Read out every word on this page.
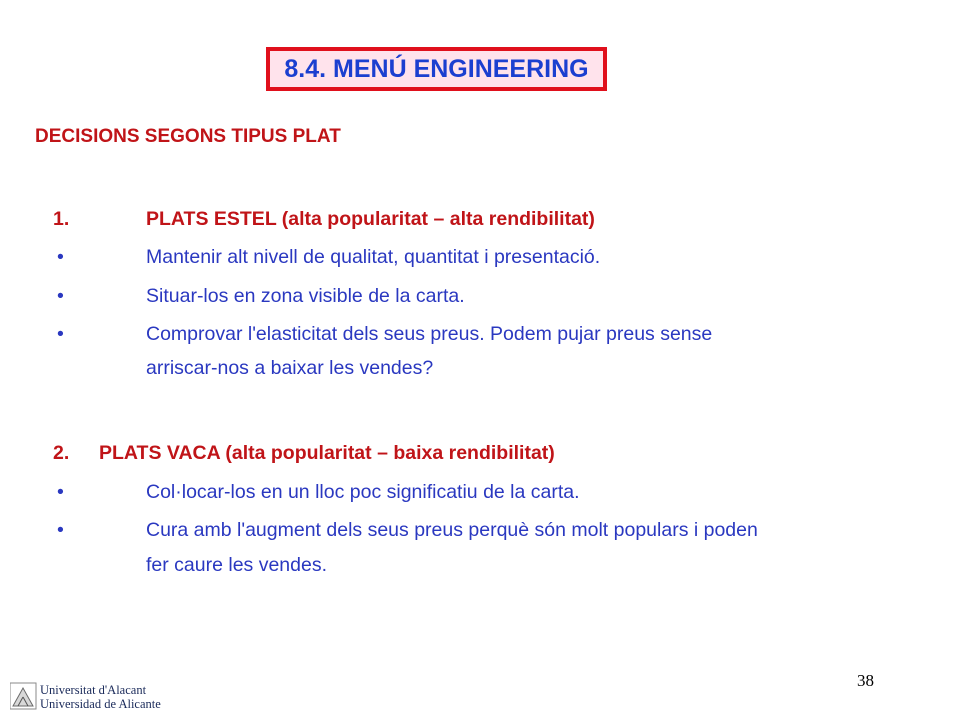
8.4. MENÚ ENGINEERING
DECISIONS SEGONS TIPUS PLAT
1.	PLATS ESTEL (alta popularitat – alta rendibilitat)
•	Mantenir alt nivell de qualitat, quantitat i presentació.
•	Situar-los en zona visible de la carta.
•	Comprovar l'elasticitat dels seus preus. Podem pujar preus sense
arriscar-nos a baixar les vendes?
2. PLATS VACA (alta popularitat – baixa rendibilitat)
•	Col·locar-los en un lloc poc significatiu de la carta.
•	Cura amb l'augment dels seus preus perquè són molt populars i poden
fer caure les vendes.
38
Universitat d'Alacant
Universidad de Alicante
